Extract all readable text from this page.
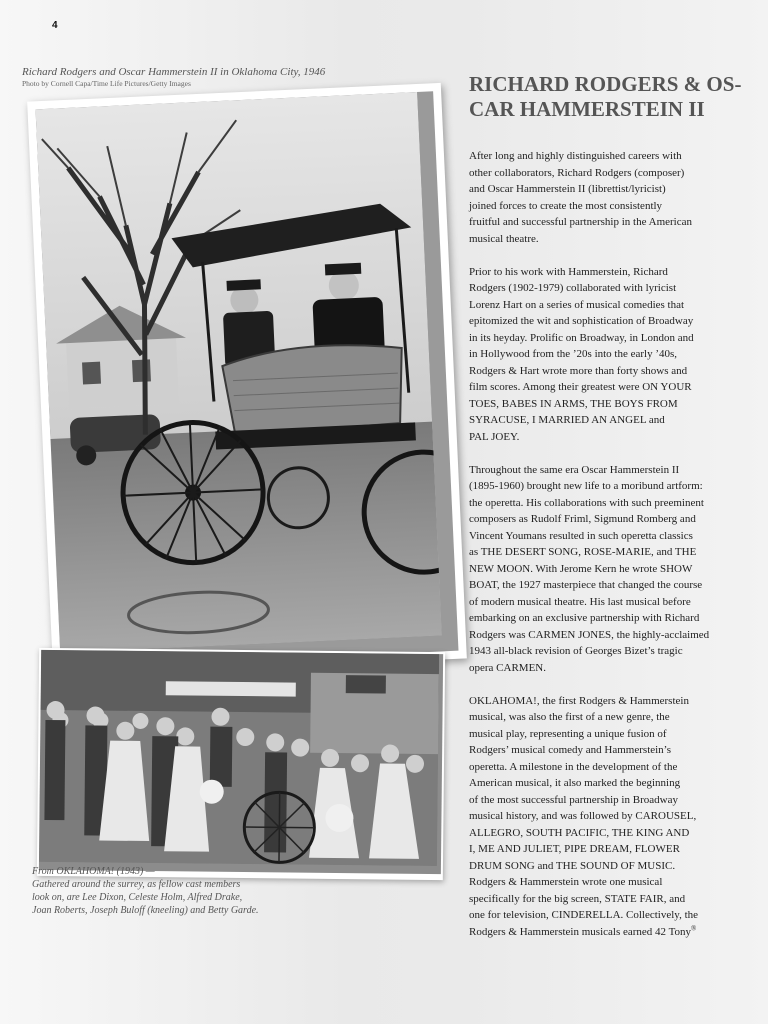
4
Richard Rodgers and Oscar Hammerstein II in Oklahoma City, 1946
Photo by Cornell Capa/Time Life Pictures/Getty Images
From OKLAHOMA! (1943) —
Gathered around the surrey, as fellow cast members
look on, are Lee Dixon, Celeste Holm, Alfred Drake,
Joan Roberts, Joseph Buloff (kneeling) and Betty Garde.
RICHARD RODGERS & OS-
CAR HAMMERSTEIN II

After long and highly distinguished careers with
other collaborators, Richard Rodgers (composer)
and Oscar Hammerstein II (librettist/lyricist)
joined forces to create the most consistently
fruitful and successful partnership in the American
musical theatre.

Prior to his work with Hammerstein, Richard
Rodgers (1902-1979) collaborated with lyricist
Lorenz Hart on a series of musical comedies that
epitomized the wit and sophistication of Broadway
in its heyday. Prolific on Broadway, in London and
in Hollywood from the ’20s into the early ’40s,
Rodgers & Hart wrote more than forty shows and
film scores. Among their greatest were ON YOUR
TOES, BABES IN ARMS, THE BOYS FROM
SYRACUSE, I MARRIED AN ANGEL and
PAL JOEY.

Throughout the same era Oscar Hammerstein II
(1895-1960) brought new life to a moribund artform:
the operetta. His collaborations with such preeminent
composers as Rudolf Friml, Sigmund Romberg and
Vincent Youmans resulted in such operetta classics
as THE DESERT SONG, ROSE-MARIE, and THE
NEW MOON. With Jerome Kern he wrote SHOW
BOAT, the 1927 masterpiece that changed the course
of modern musical theatre. His last musical before
embarking on an exclusive partnership with Richard
Rodgers was CARMEN JONES, the highly-acclaimed
1943 all-black revision of Georges Bizet’s tragic
opera CARMEN.

OKLAHOMA!, the first Rodgers & Hammerstein
musical, was also the first of a new genre, the
musical play, representing a unique fusion of
Rodgers’ musical comedy and Hammerstein’s
operetta. A milestone in the development of the
American musical, it also marked the beginning
of the most successful partnership in Broadway
musical history, and was followed by CAROUSEL,
ALLEGRO, SOUTH PACIFIC, THE KING AND
I, ME AND JULIET, PIPE DREAM, FLOWER
DRUM SONG and THE SOUND OF MUSIC.
Rodgers & Hammerstein wrote one musical
specifically for the big screen, STATE FAIR, and
one for television, CINDERELLA. Collectively, the
Rodgers & Hammerstein musicals earned 42 Tony®
